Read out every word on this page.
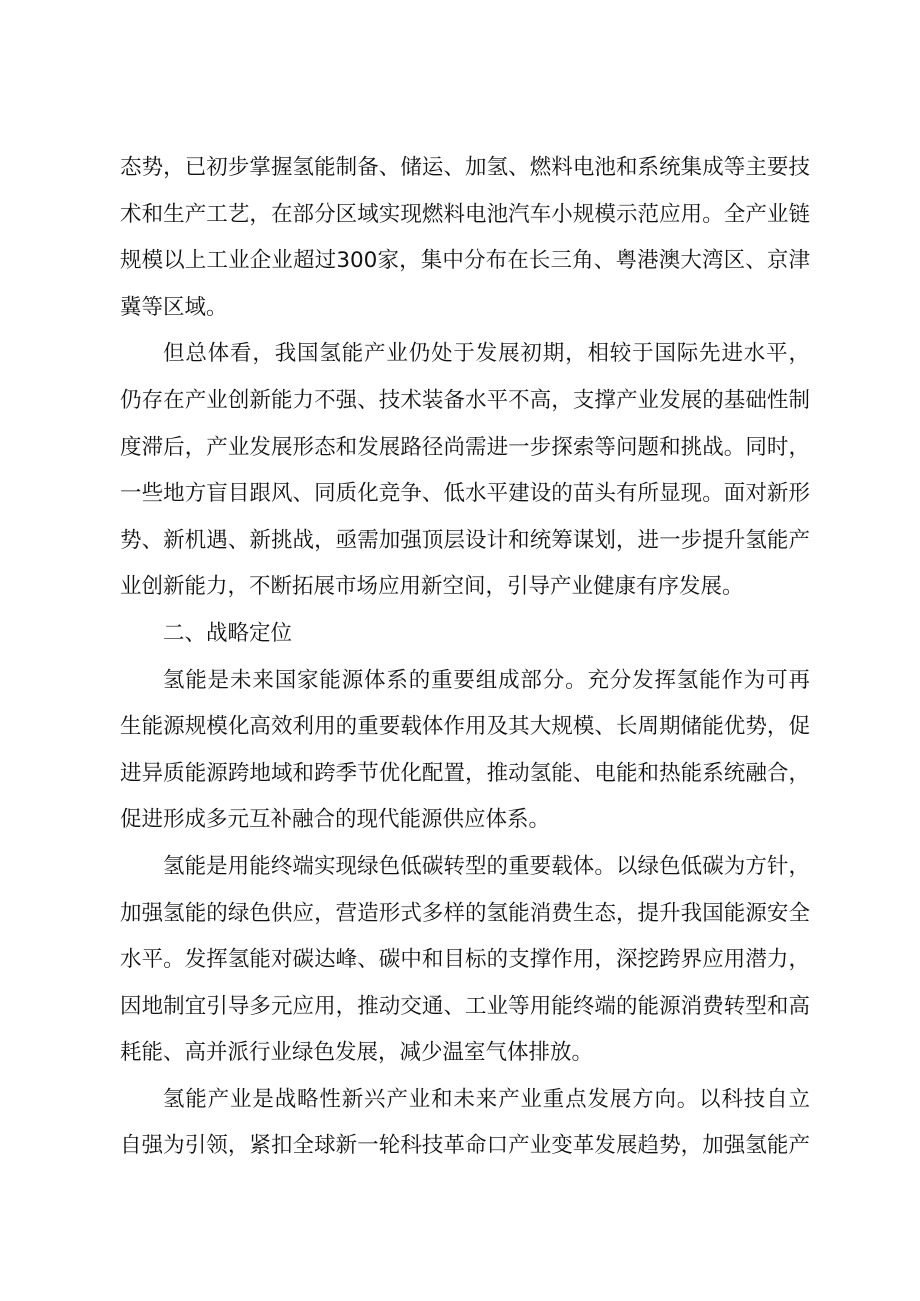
态势，已初步掌握氢能制备、储运、加氢、燃料电池和系统集成等主要技
术和生产工艺，在部分区域实现燃料电池汽车小规模示范应用。全产业链
规模以上工业企业超过300家，集中分布在长三角、粤港澳大湾区、京津
冀等区域。
但总体看，我国氢能产业仍处于发展初期，相较于国际先进水平，
仍存在产业创新能力不强、技术装备水平不高，支撑产业发展的基础性制
度滞后，产业发展形态和发展路径尚需进一步探索等问题和挑战。同时，
一些地方盲目跟风、同质化竞争、低水平建设的苗头有所显现。面对新形
势、新机遇、新挑战，亟需加强顶层设计和统筹谋划，进一步提升氢能产
业创新能力，不断拓展市场应用新空间，引导产业健康有序发展。
二、战略定位
氢能是未来国家能源体系的重要组成部分。充分发挥氢能作为可再
生能源规模化高效利用的重要载体作用及其大规模、长周期储能优势，促
进异质能源跨地域和跨季节优化配置，推动氢能、电能和热能系统融合，
促进形成多元互补融合的现代能源供应体系。
氢能是用能终端实现绿色低碳转型的重要载体。以绿色低碳为方针，
加强氢能的绿色供应，营造形式多样的氢能消费生态，提升我国能源安全
水平。发挥氢能对碳达峰、碳中和目标的支撑作用，深挖跨界应用潜力，
因地制宜引导多元应用，推动交通、工业等用能终端的能源消费转型和高
耗能、高并派行业绿色发展，减少温室气体排放。
氢能产业是战略性新兴产业和未来产业重点发展方向。以科技自立
自强为引领，紧扣全球新一轮科技革命口产业变革发展趋势，加强氢能产
